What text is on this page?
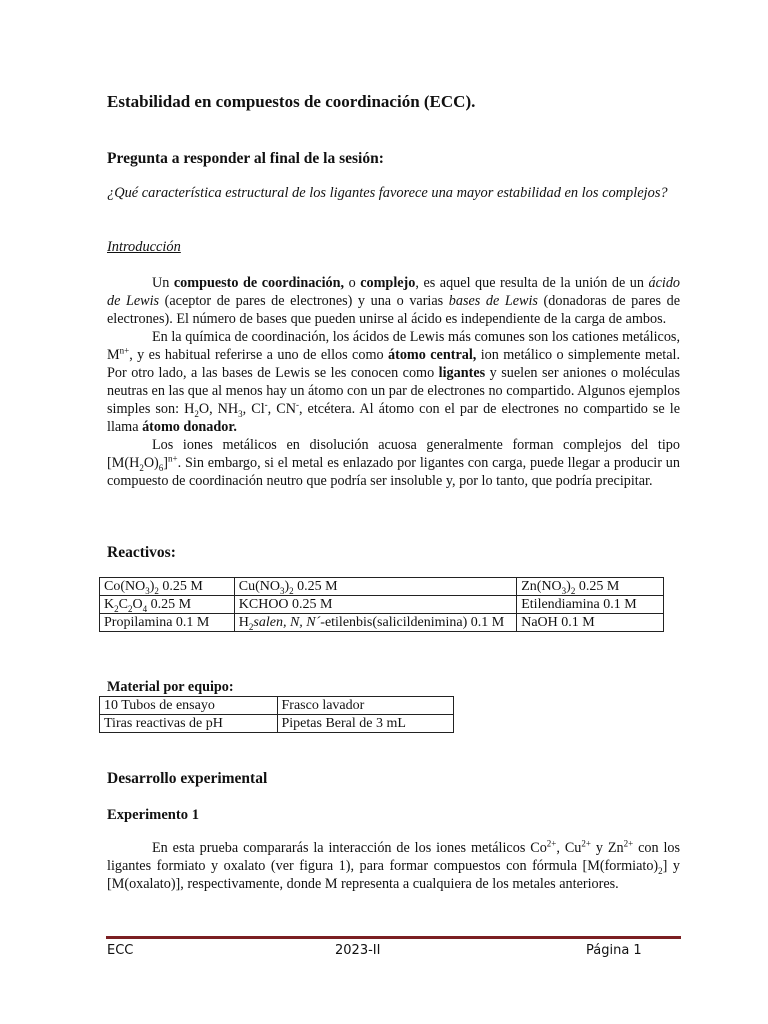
Estabilidad en compuestos de coordinación (ECC).
Pregunta a responder al final de la sesión:

¿Qué característica estructural de los ligantes favorece una mayor estabilidad en los complejos?

Introducción

Un compuesto de coordinación, o complejo, es aquel que resulta de la unión de un ácido de Lewis (aceptor de pares de electrones) y una o varias bases de Lewis (donadoras de pares de electrones). El número de bases que pueden unirse al ácido es independiente de la carga de ambos.

En la química de coordinación, los ácidos de Lewis más comunes son los cationes metálicos, $M^{n+}$, y es habitual referirse a uno de ellos como átomo central, ion metálico o simplemente metal. Por otro lado, a las bases de Lewis se les conocen como ligantes y suelen ser aniones o moléculas neutras en las que al menos hay un átomo con un par de electrones no compartido. Algunos ejemplos simples son: $H_2O$, $NH_3$, Cl-, CN-, etcétera. Al átomo con el par de electrones no compartido se le llama átomo donador.

Los iones metálicos en disolución acuosa generalmente forman complejos del tipo $[M(H_2O)_6]^{n+}$. Sin embargo, si el metal es enlazado por ligantes con carga, puede llegar a producir un compuesto de coordinación neutro que podría ser insoluble y, por lo tanto, que podría precipitar.

Reactivos:
$Co(NO_3)_2$ 0.25 M	$Cu(NO_3)_2$ 0.25 M	$Zn(NO_3)_2$ 0.25 M
$K_2C_2O_4$ 0.25 M	KCHOO 0.25 M	Etilendiamina 0.1 M
Propilamina 0.1 M	$H_2salen$, N, N´-etilenbis(salicildenimina) 0.1 M	NaOH 0.1 M

Material por equipo:

10 Tubos de ensayo	Frasco lavador
Tiras reactivas de pH	Pipetas Beral de 3 mL
Desarrollo experimental
Experimento 1

En esta prueba compararás la interacción de los iones metálicos $Co^{2+}$, $Cu^{2+}$ y $Zn^{2+}$ con los ligantes formiato y oxalato (ver figura 1), para formar compuestos con fórmula $[M(formiato)_2]$ y [M(oxalato)], respectivamente, donde M representa a cualquiera de los metales anteriores.

ECC	2023-II	Página 1
